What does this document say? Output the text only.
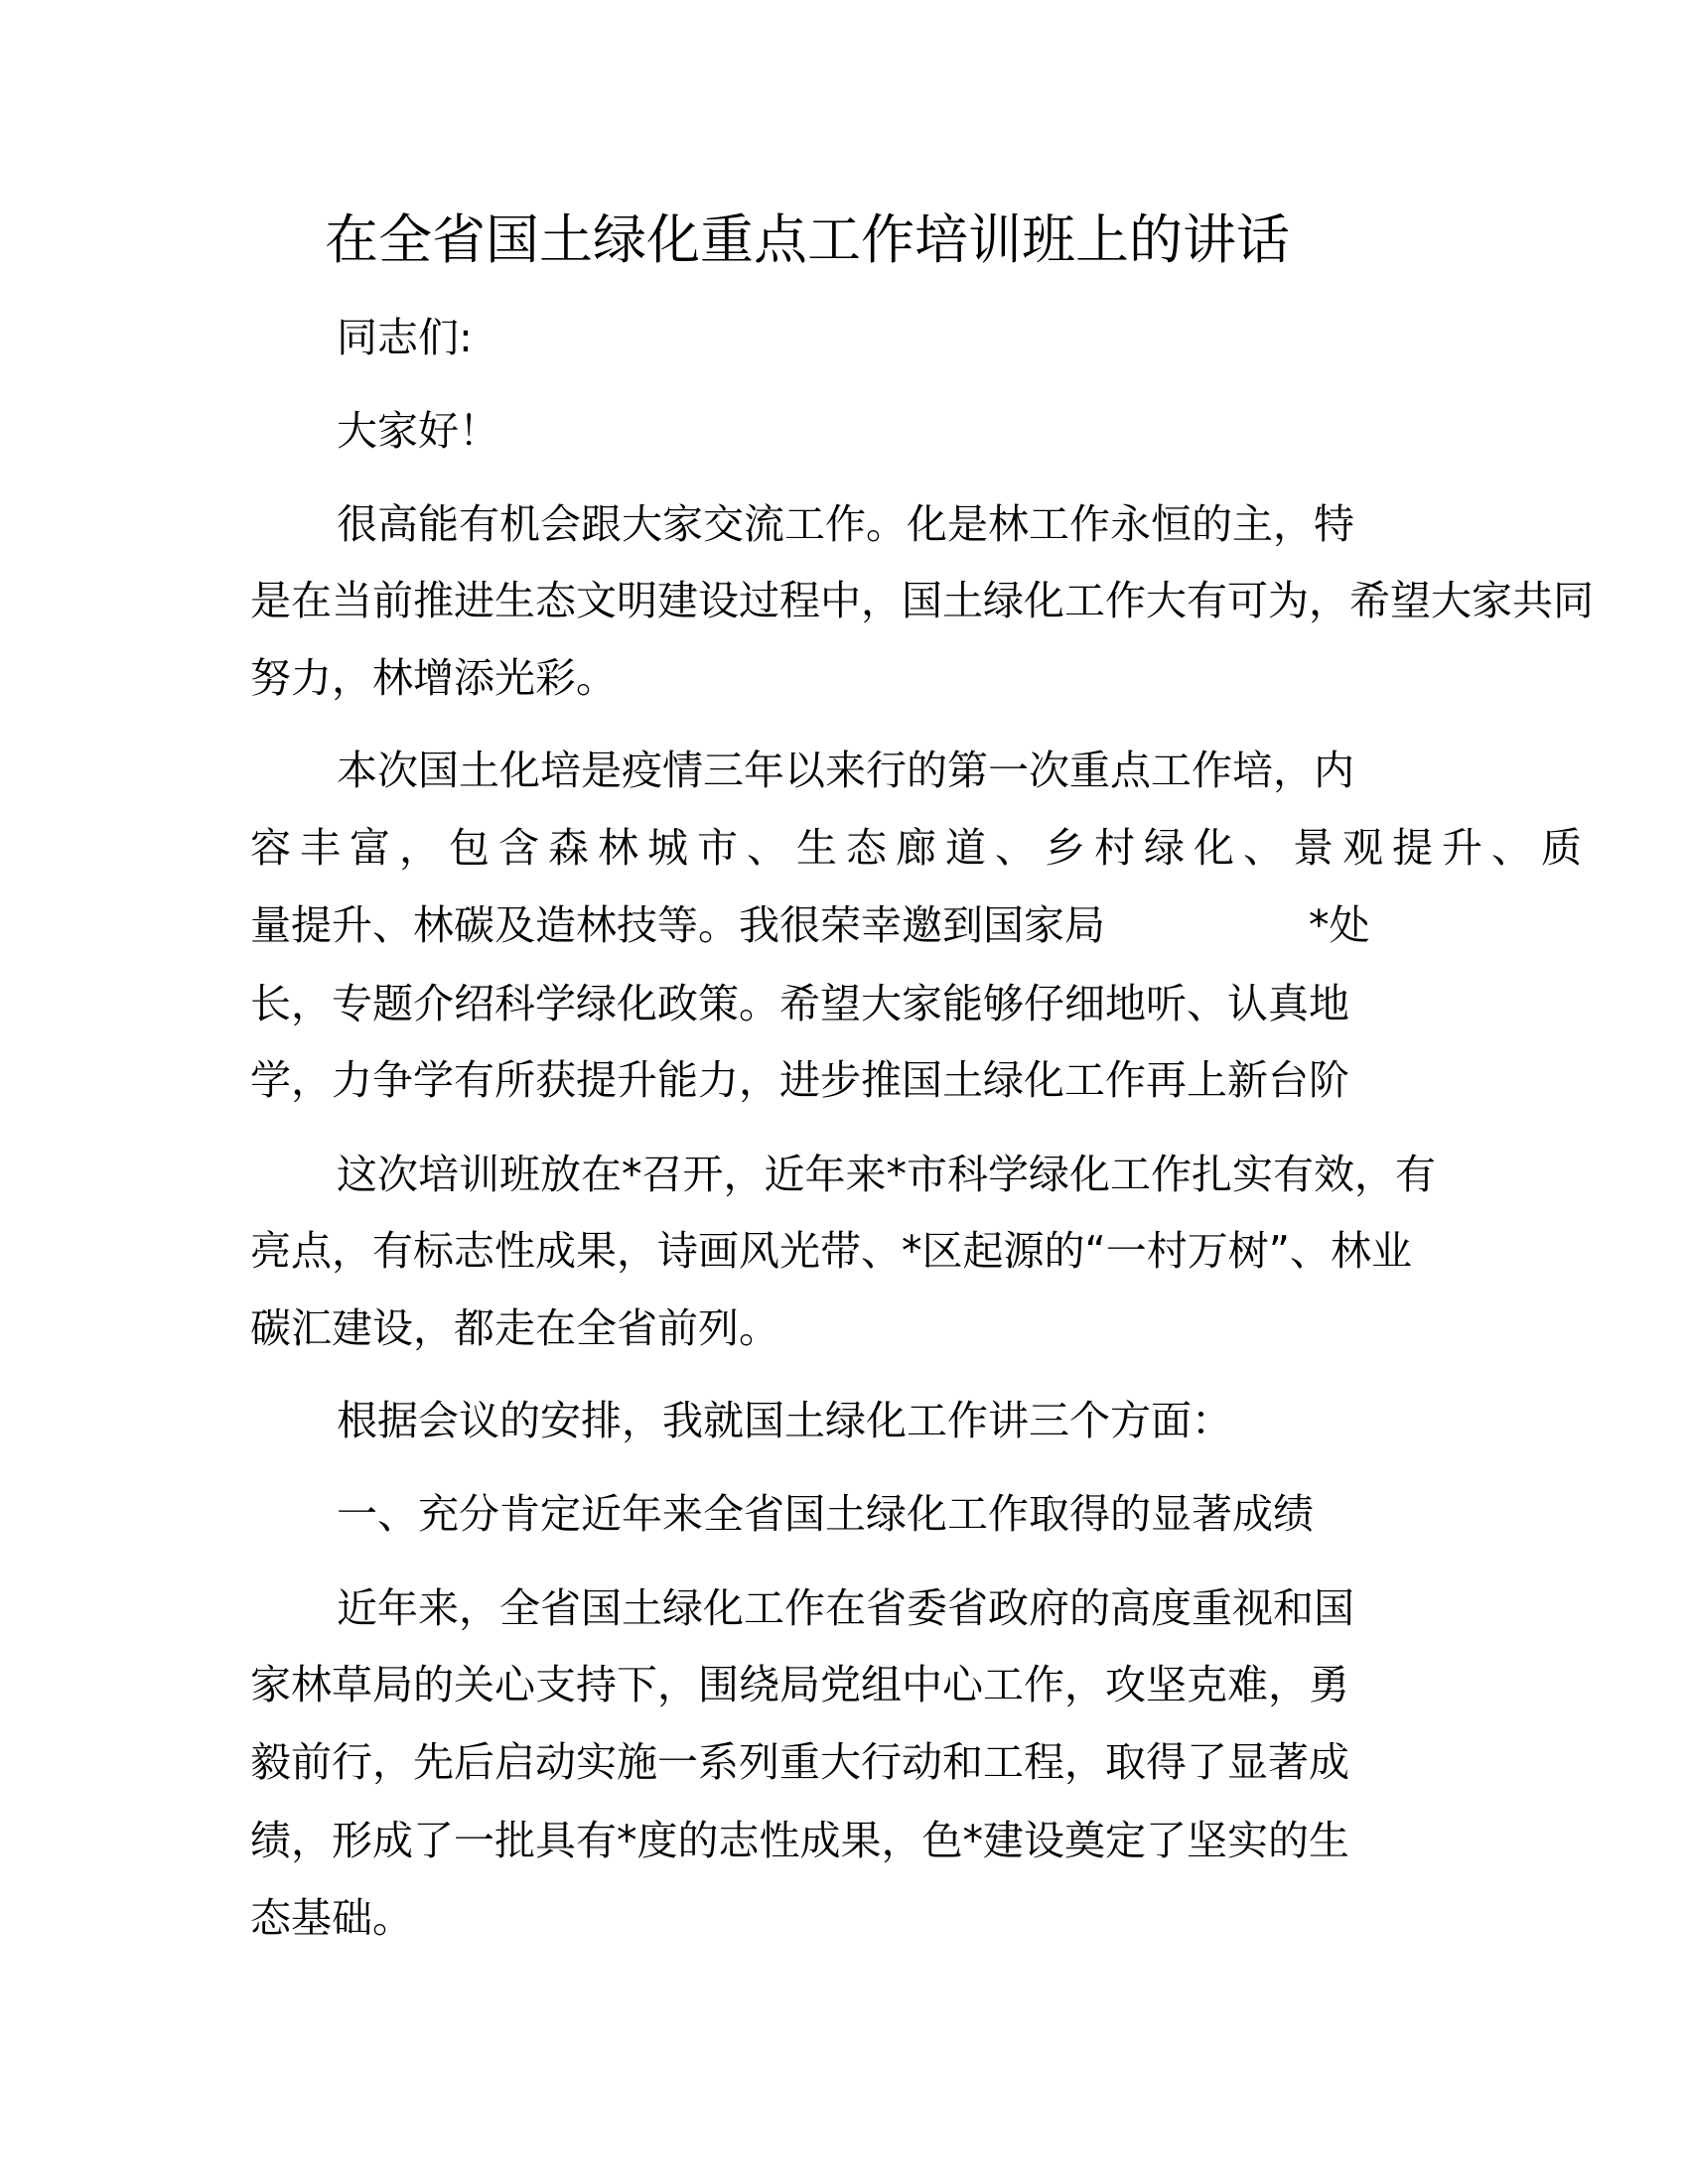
在全省国土绿化重点工作培训班上的讲话
同志们:
大家好！
很高能有机会跟大家交流工作。化是林工作永恒的主，特
是在当前推进生态文明建设过程中，国土绿化工作大有可为，希望大家共同
努力，林增添光彩。
本次国土化培是疫情三年以来行的第一次重点工作培，内
容丰富，包含森林城市、生态廊道、乡村绿化、景观提升、质
量提升、林碳及造林技等。我很荣幸邀到国家局　　　　　*处
长，专题介绍科学绿化政策。希望大家能够仔细地听、认真地
学，力争学有所获提升能力，进步推国土绿化工作再上新台阶
这次培训班放在*召开，近年来*市科学绿化工作扎实有效，有
亮点，有标志性成果，诗画风光带、*区起源的“一村万树”、林业
碳汇建设，都走在全省前列。
根据会议的安排，我就国土绿化工作讲三个方面：
一、充分肯定近年来全省国土绿化工作取得的显著成绩
近年来，全省国土绿化工作在省委省政府的高度重视和国
家林草局的关心支持下，围绕局党组中心工作，攻坚克难，勇
毅前行，先后启动实施一系列重大行动和工程，取得了显著成
绩，形成了一批具有*度的志性成果，色*建设奠定了坚实的生
态基础。
